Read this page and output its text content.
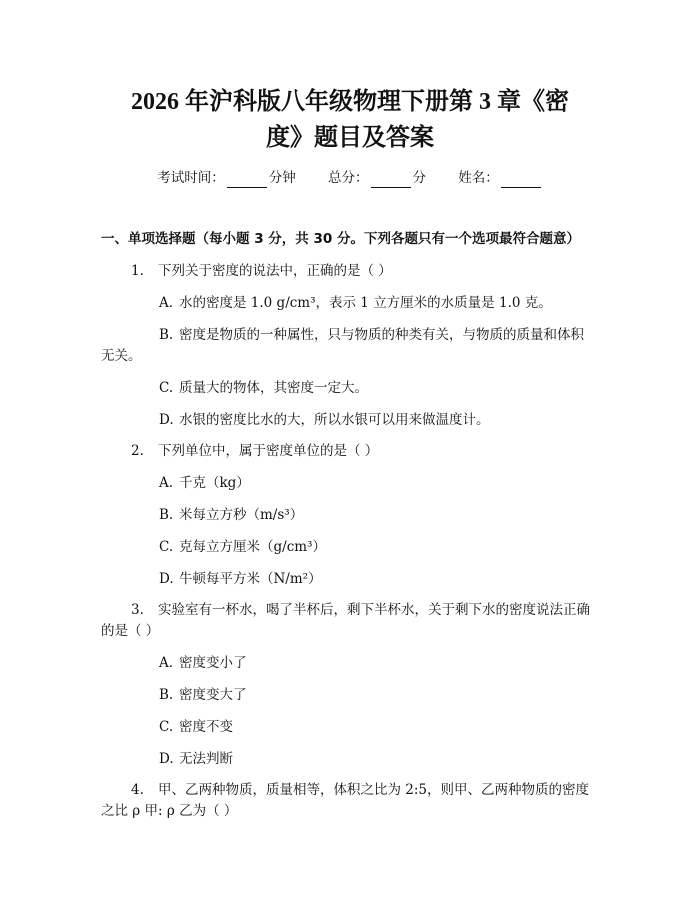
2026 年沪科版八年级物理下册第 3 章《密
度》题目及答案
考试时间：	分钟 总分：	分 姓名：
一、单项选择题（每小题 3 分，共 30 分。下列各题只有一个选项最符合题意）
1. 下列关于密度的说法中，正确的是（ ）
A. 水的密度是 1.0 g/cm³，表示 1 立方厘米的水质量是 1.0 克。
B. 密度是物质的一种属性，只与物质的种类有关，与物质的质量和体积
无关。
C. 质量大的物体，其密度一定大。
D. 水银的密度比水的大，所以水银可以用来做温度计。
2. 下列单位中，属于密度单位的是（ ）
A. 千克（kg）
B. 米每立方秒（m/s³）
C. 克每立方厘米（g/cm³）
D. 牛顿每平方米（N/m²）
3. 实验室有一杯水，喝了半杯后，剩下半杯水，关于剩下水的密度说法正确
的是（ ）
A. 密度变小了
B. 密度变大了
C. 密度不变
D. 无法判断
4. 甲、乙两种物质，质量相等，体积之比为 2:5，则甲、乙两种物质的密度
之比 ρ 甲: ρ 乙为（ ）
